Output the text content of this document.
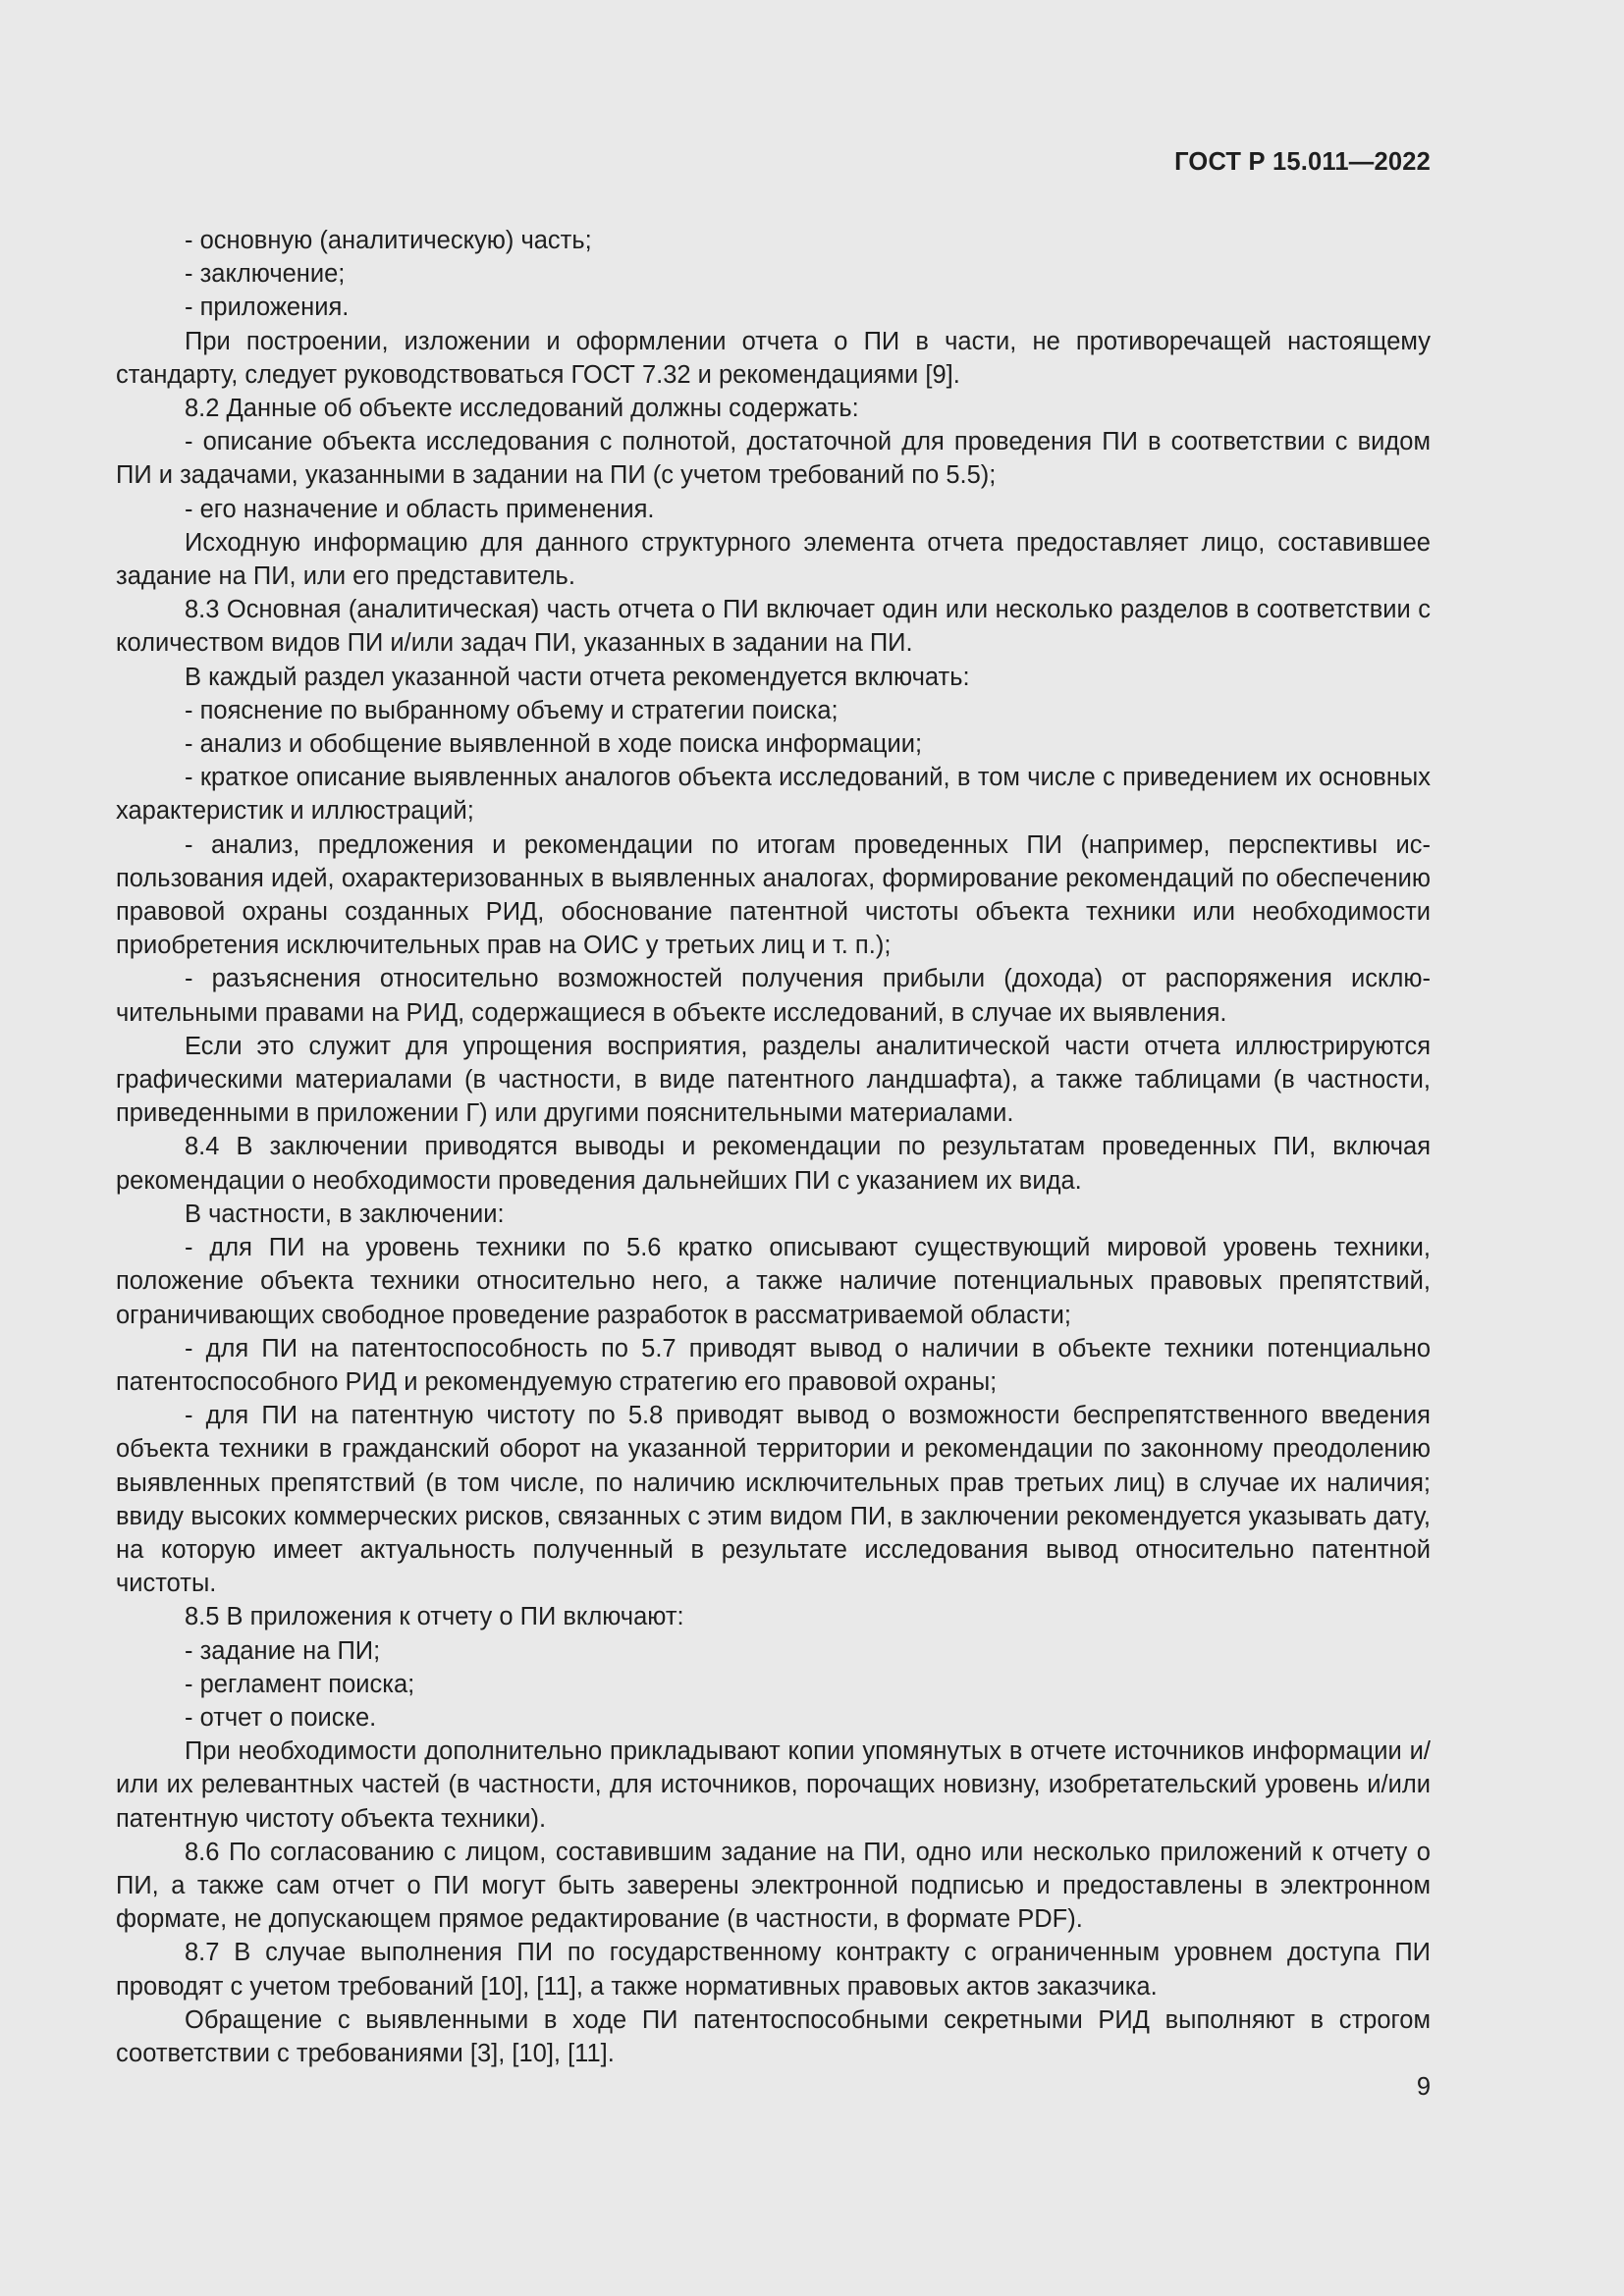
ГОСТ Р 15.011—2022

- основную (аналитическую) часть;

- заключение;

- приложения.

При построении, изложении и оформлении отчета о ПИ в части, не противоречащей настоящему стандарту, следует руководствоваться ГОСТ 7.32 и рекомендациями [9].

8.2 Данные об объекте исследований должны содержать:

- описание объекта исследования с полнотой, достаточной для проведения ПИ в соответствии с видом ПИ и задачами, указанными в задании на ПИ (с учетом требований по 5.5);

- его назначение и область применения.

Исходную информацию для данного структурного элемента отчета предоставляет лицо, составившее задание на ПИ, или его представитель.

8.3 Основная (аналитическая) часть отчета о ПИ включает один или несколько разделов в соответствии с количеством видов ПИ и/или задач ПИ, указанных в задании на ПИ.

В каждый раздел указанной части отчета рекомендуется включать:

- пояснение по выбранному объему и стратегии поиска;

- анализ и обобщение выявленной в ходе поиска информации;

- краткое описание выявленных аналогов объекта исследований, в том числе с приведением их основных характеристик и иллюстраций;

- анализ, предложения и рекомендации по итогам проведенных ПИ (например, перспективы использования идей, охарактеризованных в выявленных аналогах, формирование рекомендаций по обеспечению правовой охраны созданных РИД, обоснование патентной чистоты объекта техники или необходимости приобретения исключительных прав на ОИС у третьих лиц и т. п.);

- разъяснения относительно возможностей получения прибыли (дохода) от распоряжения исключительными правами на РИД, содержащиеся в объекте исследований, в случае их выявления.

Если это служит для упрощения восприятия, разделы аналитической части отчета иллюстрируются графическими материалами (в частности, в виде патентного ландшафта), а также таблицами (в частности, приведенными в приложении Г) или другими пояснительными материалами.

8.4 В заключении приводятся выводы и рекомендации по результатам проведенных ПИ, включая рекомендации о необходимости проведения дальнейших ПИ с указанием их вида.

В частности, в заключении:

- для ПИ на уровень техники по 5.6 кратко описывают существующий мировой уровень техники, положение объекта техники относительно него, а также наличие потенциальных правовых препятствий, ограничивающих свободное проведение разработок в рассматриваемой области;

- для ПИ на патентоспособность по 5.7 приводят вывод о наличии в объекте техники потенциально патентоспособного РИД и рекомендуемую стратегию его правовой охраны;

- для ПИ на патентную чистоту по 5.8 приводят вывод о возможности беспрепятственного введения объекта техники в гражданский оборот на указанной территории и рекомендации по законному преодолению выявленных препятствий (в том числе, по наличию исключительных прав третьих лиц) в случае их наличия; ввиду высоких коммерческих рисков, связанных с этим видом ПИ, в заключении рекомендуется указывать дату, на которую имеет актуальность полученный в результате исследования вывод относительно патентной чистоты.

8.5 В приложения к отчету о ПИ включают:

- задание на ПИ;

- регламент поиска;

- отчет о поиске.

При необходимости дополнительно прикладывают копии упомянутых в отчете источников информации и/или их релевантных частей (в частности, для источников, порочащих новизну, изобретательский уровень и/или патентную чистоту объекта техники).

8.6 По согласованию с лицом, составившим задание на ПИ, одно или несколько приложений к отчету о ПИ, а также сам отчет о ПИ могут быть заверены электронной подписью и предоставлены в электронном формате, не допускающем прямое редактирование (в частности, в формате PDF).

8.7 В случае выполнения ПИ по государственному контракту с ограниченным уровнем доступа ПИ проводят с учетом требований [10], [11], а также нормативных правовых актов заказчика.

Обращение с выявленными в ходе ПИ патентоспособными секретными РИД выполняют в строгом соответствии с требованиями [3], [10], [11].

9
